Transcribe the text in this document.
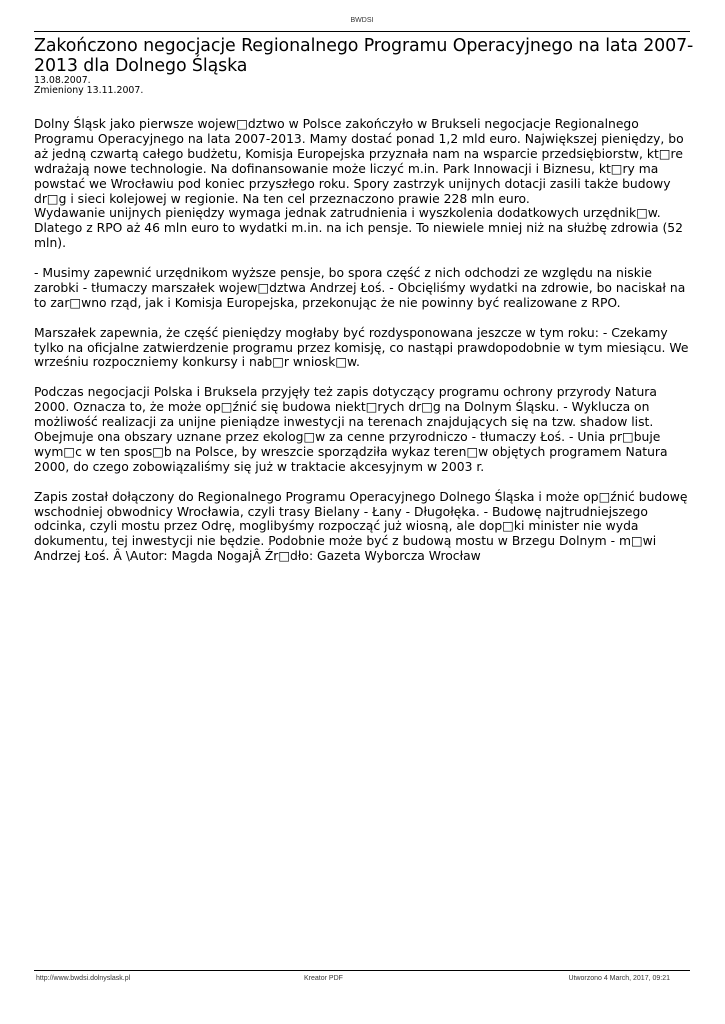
BWDSI
Zakończono negocjacje Regionalnego Programu Operacyjnego na lata 2007-2013 dla Dolnego Śląska
13.08.2007.
Zmieniony 13.11.2007.

Dolny Śląsk jako pierwsze wojew□dztwo w Polsce zakończyło w Brukseli negocjacje Regionalnego Programu Operacyjnego na lata 2007-2013. Mamy dostać ponad 1,2 mld euro. Największej pieniędzy, bo aż jedną czwartą całego budżetu, Komisja Europejska przyznała nam na wsparcie przedsiębiorstw, kt□re wdrażają nowe technologie. Na dofinansowanie może liczyć m.in. Park Innowacji i Biznesu, kt□ry ma powstać we Wrocławiu pod koniec przyszłego roku. Spory zastrzyk unijnych dotacji zasili także budowy dr□g i sieci kolejowej w regionie. Na ten cel przeznaczono prawie 228 mln euro.
Wydawanie unijnych pieniędzy wymaga jednak zatrudnienia i wyszkolenia dodatkowych urzędnik□w. Dlatego z RPO aż 46 mln euro to wydatki m.in. na ich pensje. To niewiele mniej niż na służbę zdrowia (52 mln).

- Musimy zapewnić urzędnikom wyższe pensje, bo spora część z nich odchodzi ze względu na niskie zarobki - tłumaczy marszałek wojew□dztwa Andrzej Łoś. - Obcięliśmy wydatki na zdrowie, bo naciskał na to zar□wno rząd, jak i Komisja Europejska, przekonując że nie powinny być realizowane z RPO.

Marszałek zapewnia, że część pieniędzy mogłaby być rozdysponowana jeszcze w tym roku: - Czekamy tylko na oficjalne zatwierdzenie programu przez komisję, co nastąpi prawdopodobnie w tym miesiącu. We wrześniu rozpoczniemy konkursy i nab□r wniosk□w.

Podczas negocjacji Polska i Bruksela przyjęły też zapis dotyczący programu ochrony przyrody Natura 2000. Oznacza to, że może op□źnić się budowa niekt□rych dr□g na Dolnym Śląsku. - Wyklucza on możliwość realizacji za unijne pieniądze inwestycji na terenach znajdujących się na tzw. shadow list. Obejmuje ona obszary uznane przez ekolog□w za cenne przyrodniczo - tłumaczy Łoś. - Unia pr□buje wym□c w ten spos□b na Polsce, by wreszcie sporządziła wykaz teren□w objętych programem Natura 2000, do czego zobowiązaliśmy się już w traktacie akcesyjnym w 2003 r.

Zapis został dołączony do Regionalnego Programu Operacyjnego Dolnego Śląska i może op□źnić budowę wschodniej obwodnicy Wrocławia, czyli trasy Bielany - Łany - Długołęka. - Budowę najtrudniejszego odcinka, czyli mostu przez Odrę, moglibyśmy rozpocząć już wiosną, ale dop□ki minister nie wyda dokumentu, tej inwestycji nie będzie. Podobnie może być z budową mostu w Brzegu Dolnym - m□wi Andrzej Łoś. Â \Autor: Magda NogajÂ Źr□dło: Gazeta Wyborcza Wrocław

http://www.bwdsi.dolnyslask.pl	Kreator PDF	Utworzono 4 March, 2017, 09:21
